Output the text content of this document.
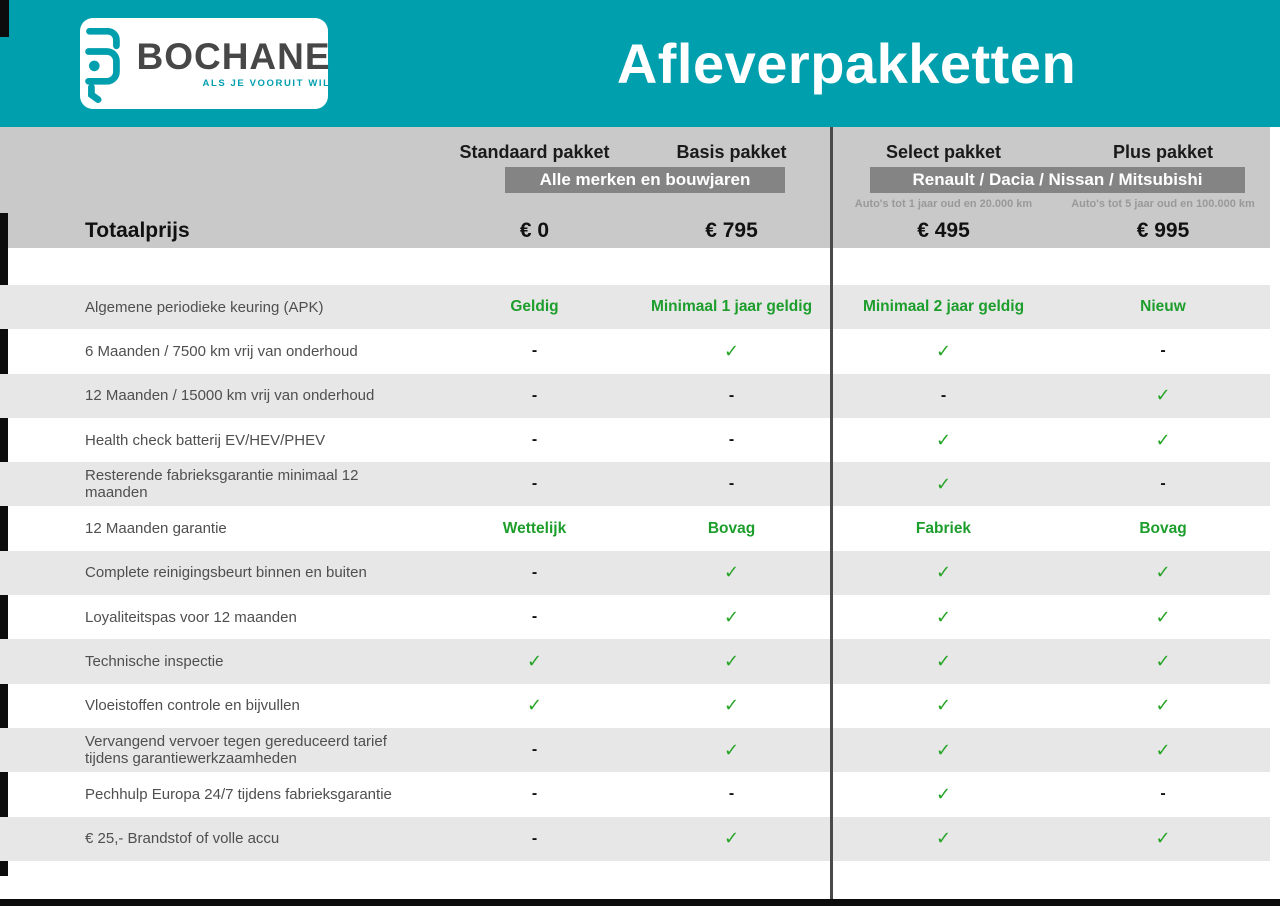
BOCHANE
ALS JE VOORUIT WIL	Afleverpakketten
Standaard pakket	Basis pakket	Select pakket	Plus pakket
Alle merken en bouwjaren	Renault / Dacia / Nissan / Mitsubishi
Auto's tot 1 jaar oud en 20.000 km	Auto's tot 5 jaar oud en 100.000 km
Totaalprijs	€ 0	€ 795	€ 495	€ 995
Algemene periodieke keuring (APK)	Geldig	Minimaal 1 jaar geldig	Minimaal 2 jaar geldig	Nieuw
6 Maanden / 7500 km vrij van onderhoud	-	✓	✓	-
12 Maanden / 15000 km vrij van onderhoud	-	-	-	✓
Health check batterij EV/HEV/PHEV	-	-	✓	✓
Resterende fabrieksgarantie minimaal 12 maanden
-	-	✓	-
12 Maanden garantie	Wettelijk	Bovag	Fabriek	Bovag
Complete reinigingsbeurt binnen en buiten	-	✓	✓	✓
Loyaliteitspas voor 12 maanden	-	✓	✓	✓
Technische inspectie	✓	✓	✓	✓
Vloeistoffen controle en bijvullen	✓	✓	✓	✓
Vervangend vervoer tegen gereduceerd tarief tijdens garantiewerkzaamheden
-	✓	✓	✓
Pechhulp Europa 24/7 tijdens fabrieksgarantie	-	-	✓	-
€ 25,- Brandstof of volle accu	-	✓	✓	✓
